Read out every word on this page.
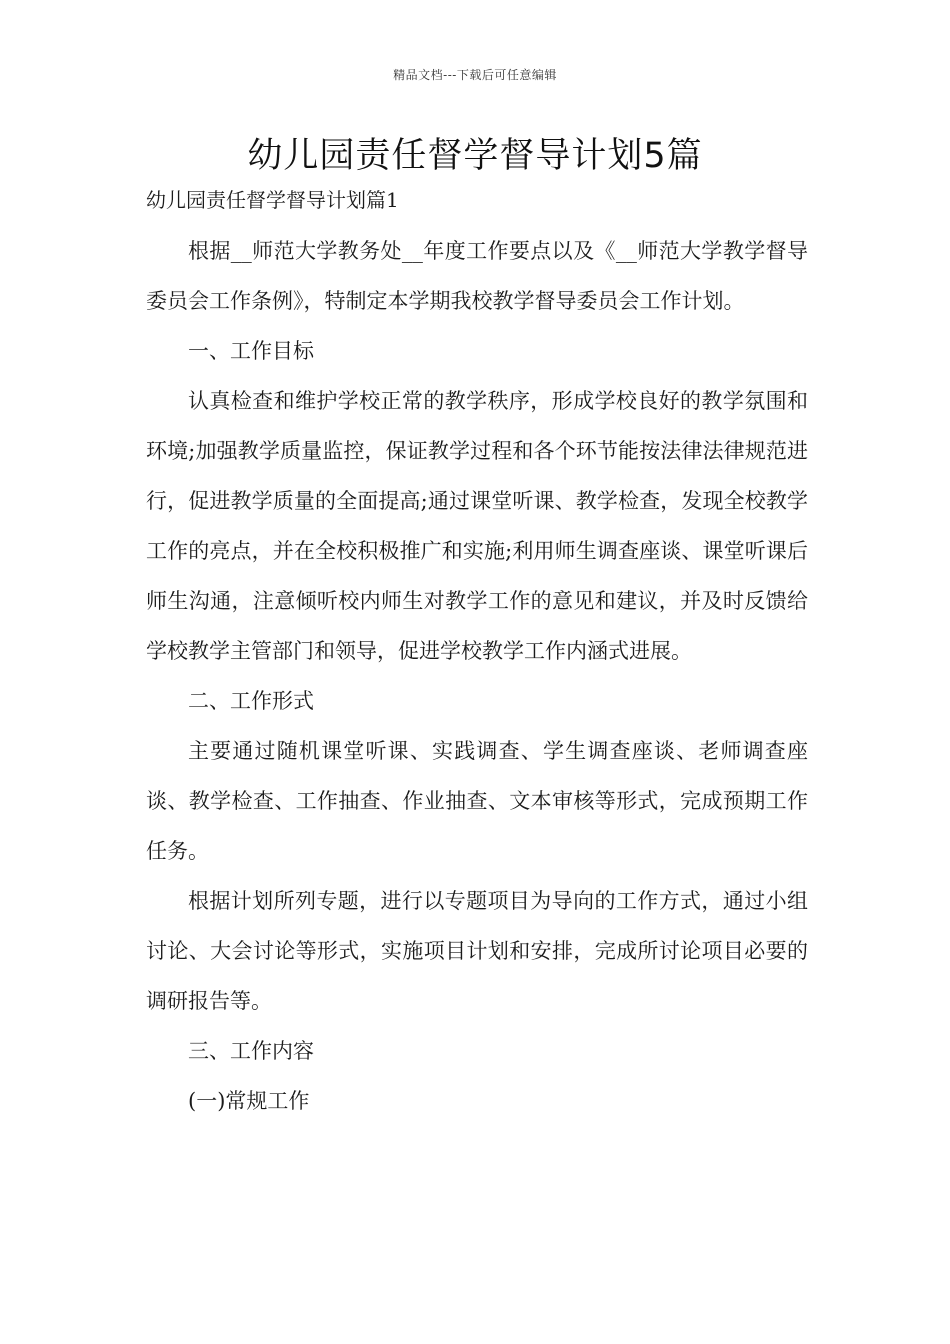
精品文档---下载后可任意编辑
幼儿园责任督学督导计划5篇
幼儿园责任督学督导计划篇1

根据__师范大学教务处__年度工作要点以及《__师范大学教学督导委员会工作条例》，特制定本学期我校教学督导委员会工作计划。

一、工作目标

认真检查和维护学校正常的教学秩序，形成学校良好的教学氛围和环境;加强教学质量监控，保证教学过程和各个环节能按法律法律规范进行，促进教学质量的全面提高;通过课堂听课、教学检查，发现全校教学工作的亮点，并在全校积极推广和实施;利用师生调查座谈、课堂听课后师生沟通，注意倾听校内师生对教学工作的意见和建议，并及时反馈给学校教学主管部门和领导，促进学校教学工作内涵式进展。

二、工作形式

主要通过随机课堂听课、实践调查、学生调查座谈、老师调查座谈、教学检查、工作抽查、作业抽查、文本审核等形式，完成预期工作任务。

根据计划所列专题，进行以专题项目为导向的工作方式，通过小组讨论、大会讨论等形式，实施项目计划和安排，完成所讨论项目必要的调研报告等。

三、工作内容

(一)常规工作
